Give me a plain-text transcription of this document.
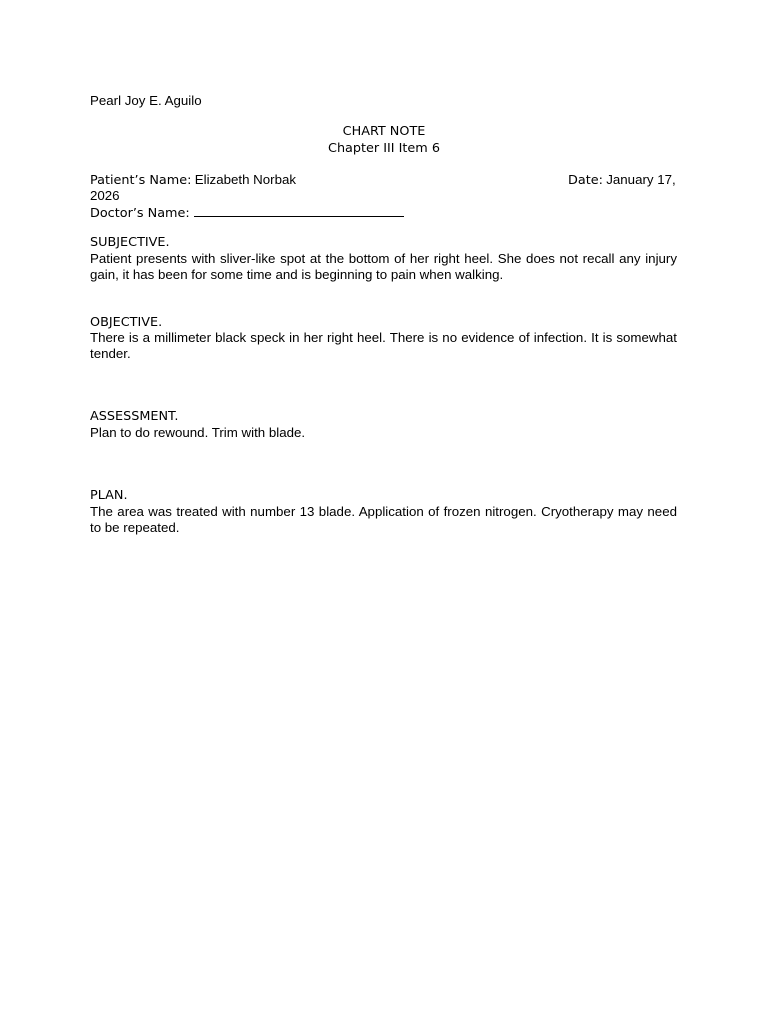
Pearl Joy E. Aguilo
CHART NOTE
Chapter III Item 6
Patient’s Name: Elizabeth Norbak	Date: January 17,
2026
Doctor’s Name:
SUBJECTIVE.
Patient presents with sliver-like spot at the bottom of her right heel. She does not recall any injury gain, it has been for some time and is beginning to pain when walking.
OBJECTIVE.
There is a millimeter black speck in her right heel. There is no evidence of infection. It is somewhat tender.
ASSESSMENT.
Plan to do rewound. Trim with blade.
PLAN.
The area was treated with number 13 blade. Application of frozen nitrogen. Cryotherapy may need to be repeated.
